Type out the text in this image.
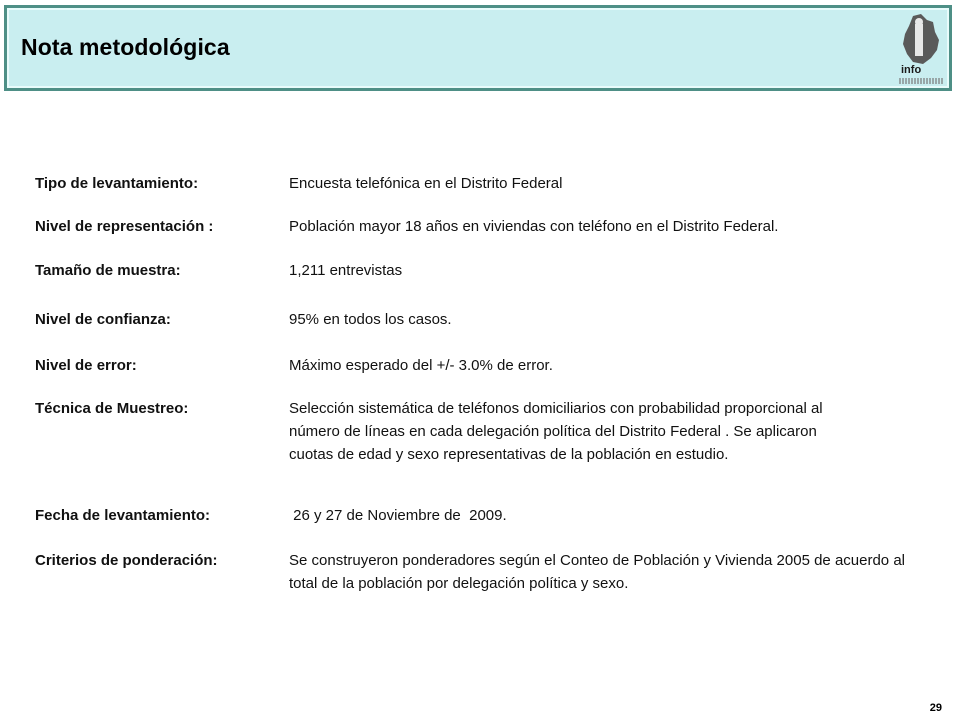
Nota metodológica
info
Tipo de levantamiento:	Encuesta telefónica en el Distrito Federal
Nivel de representación :	Población mayor 18 años en viviendas con teléfono en el Distrito Federal.
Tamaño de muestra:	1,211 entrevistas
Nivel de confianza:	95% en todos los casos.
Nivel de error:	Máximo esperado del +/- 3.0% de error.
Técnica de Muestreo:	Selección sistemática de teléfonos domiciliarios con probabilidad proporcional al número de líneas en cada delegación política del Distrito Federal . Se aplicaron cuotas de edad y sexo representativas de la población en estudio.
Fecha de levantamiento:	26 y 27 de Noviembre de  2009.
Criterios de ponderación:	Se construyeron ponderadores según el Conteo de Población y Vivienda 2005 de acuerdo al total de la población por delegación política y sexo.
29
